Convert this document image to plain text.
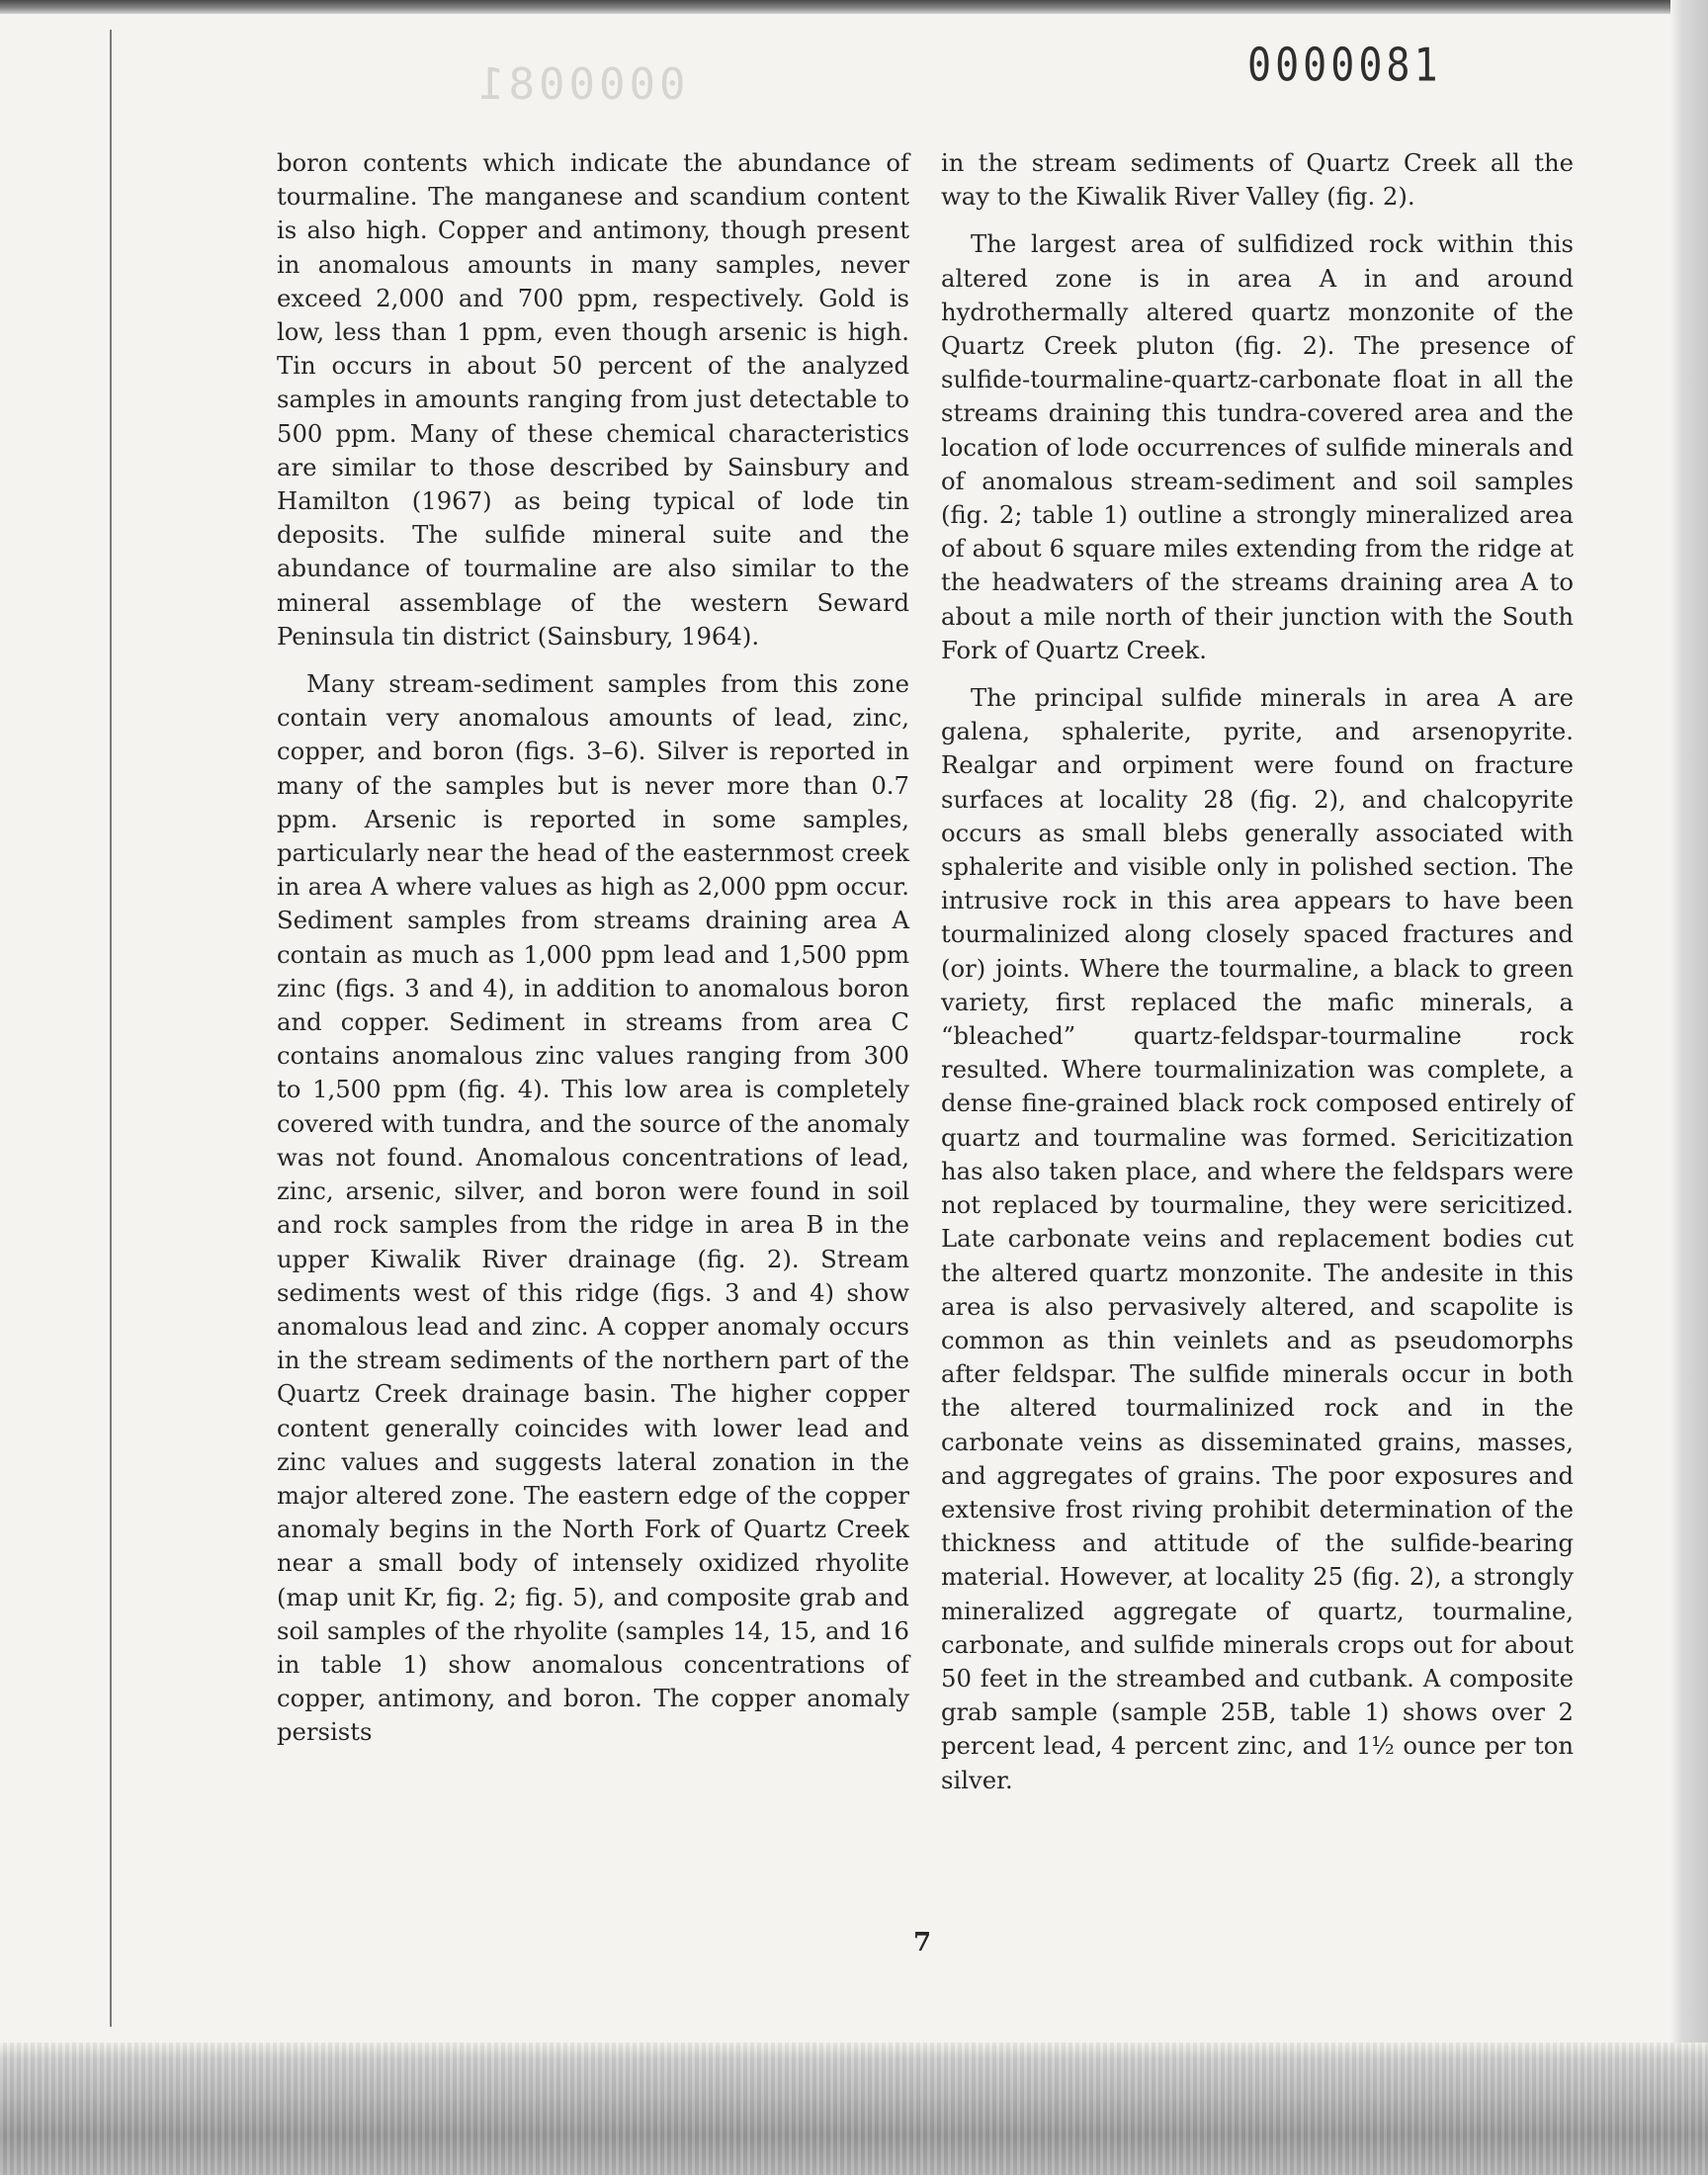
0000081	0000081

boron contents which indicate the abundance of tourmaline. The manganese and scandium content is also high. Copper and antimony, though present in anomalous amounts in many samples, never exceed 2,000 and 700 ppm, respectively. Gold is low, less than 1 ppm, even though arsenic is high. Tin occurs in about 50 percent of the analyzed samples in amounts ranging from just detectable to 500 ppm. Many of these chemical characteristics are similar to those described by Sainsbury and Hamilton (1967) as being typical of lode tin deposits. The sulfide mineral suite and the abundance of tourmaline are also similar to the mineral assemblage of the western Seward Peninsula tin district (Sainsbury, 1964).

Many stream-sediment samples from this zone contain very anomalous amounts of lead, zinc, copper, and boron (figs. 3–6). Silver is reported in many of the samples but is never more than 0.7 ppm. Arsenic is reported in some samples, particularly near the head of the easternmost creek in area A where values as high as 2,000 ppm occur. Sediment samples from streams draining area A contain as much as 1,000 ppm lead and 1,500 ppm zinc (figs. 3 and 4), in addition to anomalous boron and copper. Sediment in streams from area C contains anomalous zinc values ranging from 300 to 1,500 ppm (fig. 4). This low area is completely covered with tundra, and the source of the anomaly was not found. Anomalous concentrations of lead, zinc, arsenic, silver, and boron were found in soil and rock samples from the ridge in area B in the upper Kiwalik River drainage (fig. 2). Stream sediments west of this ridge (figs. 3 and 4) show anomalous lead and zinc. A copper anomaly occurs in the stream sediments of the northern part of the Quartz Creek drainage basin. The higher copper content generally coincides with lower lead and zinc values and suggests lateral zonation in the major altered zone. The eastern edge of the copper anomaly begins in the North Fork of Quartz Creek near a small body of intensely oxidized rhyolite (map unit Kr, fig. 2; fig. 5), and composite grab and soil samples of the rhyolite (samples 14, 15, and 16 in table 1) show anomalous concentrations of copper, antimony, and boron. The copper anomaly persists

in the stream sediments of Quartz Creek all the way to the Kiwalik River Valley (fig. 2).

The largest area of sulfidized rock within this altered zone is in area A in and around hydrothermally altered quartz monzonite of the Quartz Creek pluton (fig. 2). The presence of sulfide-tourmaline-quartz-carbonate float in all the streams draining this tundra-covered area and the location of lode occurrences of sulfide minerals and of anomalous stream-sediment and soil samples (fig. 2; table 1) outline a strongly mineralized area of about 6 square miles extending from the ridge at the headwaters of the streams draining area A to about a mile north of their junction with the South Fork of Quartz Creek.

The principal sulfide minerals in area A are galena, sphalerite, pyrite, and arsenopyrite. Realgar and orpiment were found on fracture surfaces at locality 28 (fig. 2), and chalcopyrite occurs as small blebs generally associated with sphalerite and visible only in polished section. The intrusive rock in this area appears to have been tourmalinized along closely spaced fractures and (or) joints. Where the tourmaline, a black to green variety, first replaced the mafic minerals, a “bleached” quartz-feldspar-tourmaline rock resulted. Where tourmalinization was complete, a dense fine-grained black rock composed entirely of quartz and tourmaline was formed. Sericitization has also taken place, and where the feldspars were not replaced by tourmaline, they were sericitized. Late carbonate veins and replacement bodies cut the altered quartz monzonite. The andesite in this area is also pervasively altered, and scapolite is common as thin veinlets and as pseudomorphs after feldspar. The sulfide minerals occur in both the altered tourmalinized rock and in the carbonate veins as disseminated grains, masses, and aggregates of grains. The poor exposures and extensive frost riving prohibit determination of the thickness and attitude of the sulfide-bearing material. However, at locality 25 (fig. 2), a strongly mineralized aggregate of quartz, tourmaline, carbonate, and sulfide minerals crops out for about 50 feet in the streambed and cutbank. A composite grab sample (sample 25B, table 1) shows over 2 percent lead, 4 percent zinc, and 1½ ounce per ton silver.

7
